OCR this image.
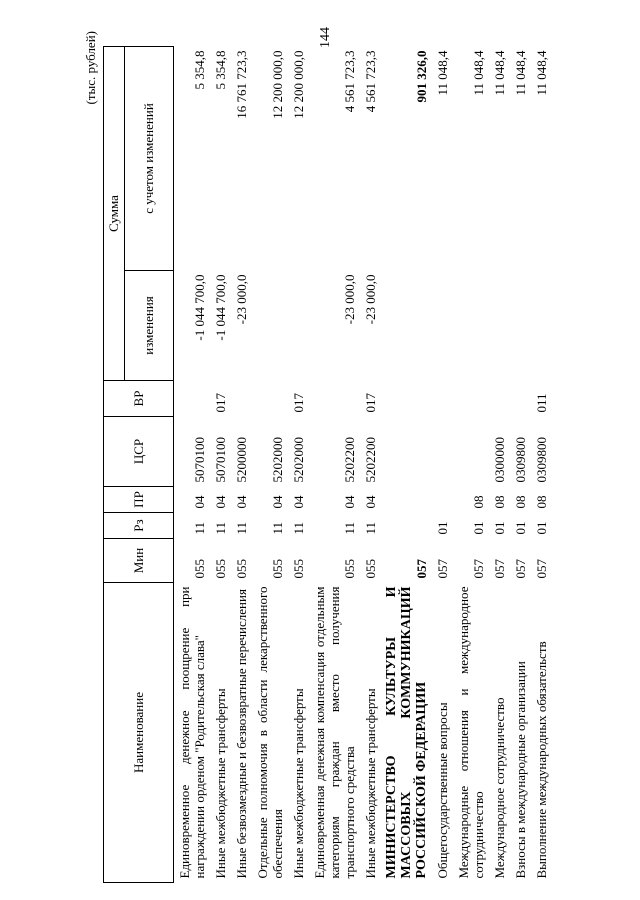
144
(тыс. рублей)
Наименование	Мин	Рз	ПР	ЦСР	ВР	Сумма	
						изменения	с учетом изменений
Единовременное денежное поощрение при награждении орденом "Родительская слава"	055	11	04	5070100		-1 044 700,0	5 354,8
Иные межбюджетные трансферты	055	11	04	5070100	017	-1 044 700,0	5 354,8
Иные безвозмездные и безвозвратные перечисления	055	11	04	5200000		-23 000,0	16 761 723,3
Отдельные полномочия в области лекарственного обеспечения	055	11	04	5202000			12 200 000,0
Иные межбюджетные трансферты	055	11	04	5202000	017		12 200 000,0
Единовременная денежная компенсация отдельным категориям граждан вместо получения транспортного средства	055	11	04	5202200		-23 000,0	4 561 723,3
Иные межбюджетные трансферты	055	11	04	5202200	017	-23 000,0	4 561 723,3
МИНИСТЕРСТВО КУЛЬТУРЫ И МАССОВЫХ КОММУНИКАЦИЙ РОССИЙСКОЙ ФЕДЕРАЦИИ	057						901 326,0
Общегосударственные вопросы	057	01					11 048,4
Международные отношения и международное сотрудничество	057	01	08				11 048,4
Международное сотрудничество	057	01	08	0300000			11 048,4
Взносы в международные организации	057	01	08	0309800			11 048,4
Выполнение международных обязательств	057	01	08	0309800	011		11 048,4
